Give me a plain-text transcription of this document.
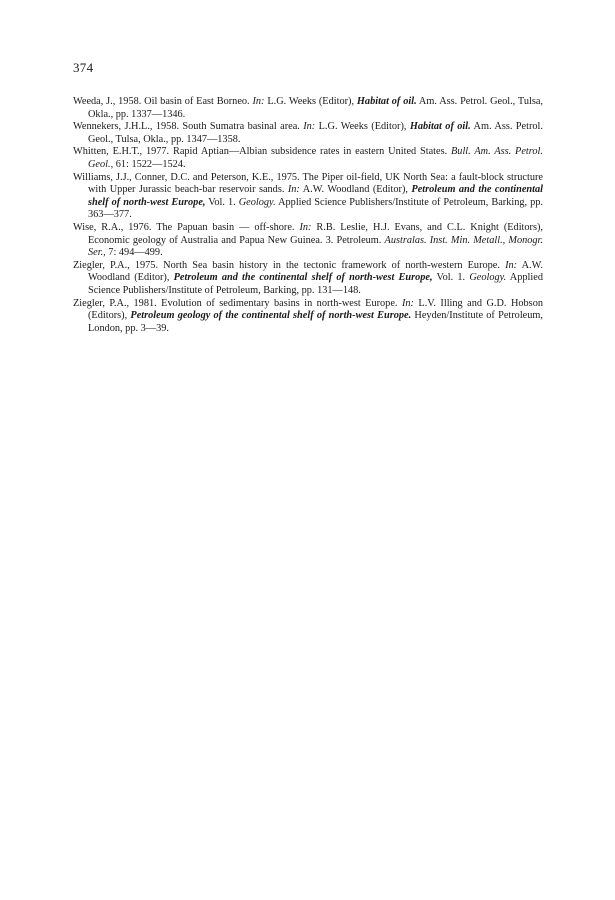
374

Weeda, J., 1958. Oil basin of East Borneo. In: L.G. Weeks (Editor), Habitat of oil. Am. Ass. Petrol. Geol., Tulsa, Okla., pp. 1337—1346.

Wennekers, J.H.L., 1958. South Sumatra basinal area. In: L.G. Weeks (Editor), Habitat of oil. Am. Ass. Petrol. Geol., Tulsa, Okla., pp. 1347—1358.

Whitten, E.H.T., 1977. Rapid Aptian—Albian subsidence rates in eastern United States. Bull. Am. Ass. Petrol. Geol., 61: 1522—1524.

Williams, J.J., Conner, D.C. and Peterson, K.E., 1975. The Piper oil-field, UK North Sea: a fault-block structure with Upper Jurassic beach-bar reservoir sands. In: A.W. Woodland (Editor), Petroleum and the continental shelf of north-west Europe, Vol. 1. Geology. Applied Science Publishers/Institute of Petroleum, Barking, pp. 363—377.

Wise, R.A., 1976. The Papuan basin — off-shore. In: R.B. Leslie, H.J. Evans, and C.L. Knight (Editors), Economic geology of Australia and Papua New Guinea. 3. Petroleum. Australas. Inst. Min. Metall., Monogr. Ser., 7: 494—499.

Ziegler, P.A., 1975. North Sea basin history in the tectonic framework of north-western Europe. In: A.W. Woodland (Editor), Petroleum and the continental shelf of north-west Europe, Vol. 1. Geology. Applied Science Publishers/Institute of Petroleum, Barking, pp. 131—148.

Ziegler, P.A., 1981. Evolution of sedimentary basins in north-west Europe. In: L.V. Illing and G.D. Hobson (Editors), Petroleum geology of the continental shelf of north-west Europe. Heyden/Institute of Petroleum, London, pp. 3—39.
